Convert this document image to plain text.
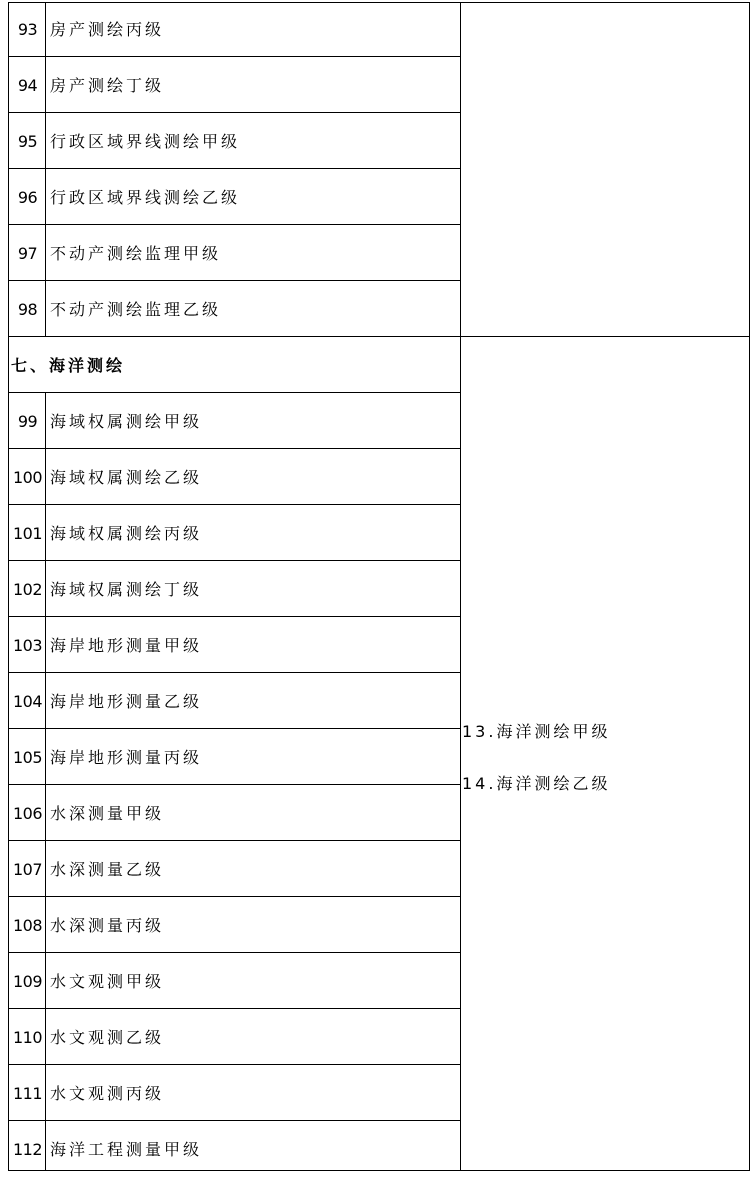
93 房产测绘丙级
94 房产测绘丁级
95 行政区域界线测绘甲级
96 行政区域界线测绘乙级
97 不动产测绘监理甲级
98 不动产测绘监理乙级
七、海洋测绘
99 海域权属测绘甲级
100 海域权属测绘乙级
101 海域权属测绘丙级
102 海域权属测绘丁级
103 海岸地形测量甲级
104 海岸地形测量乙级
105 海岸地形测量丙级
106 水深测量甲级
107 水深测量乙级
108 水深测量丙级
109 水文观测甲级
110 水文观测乙级
111 水文观测丙级
112 海洋工程测量甲级
13.海洋测绘甲级
14.海洋测绘乙级
